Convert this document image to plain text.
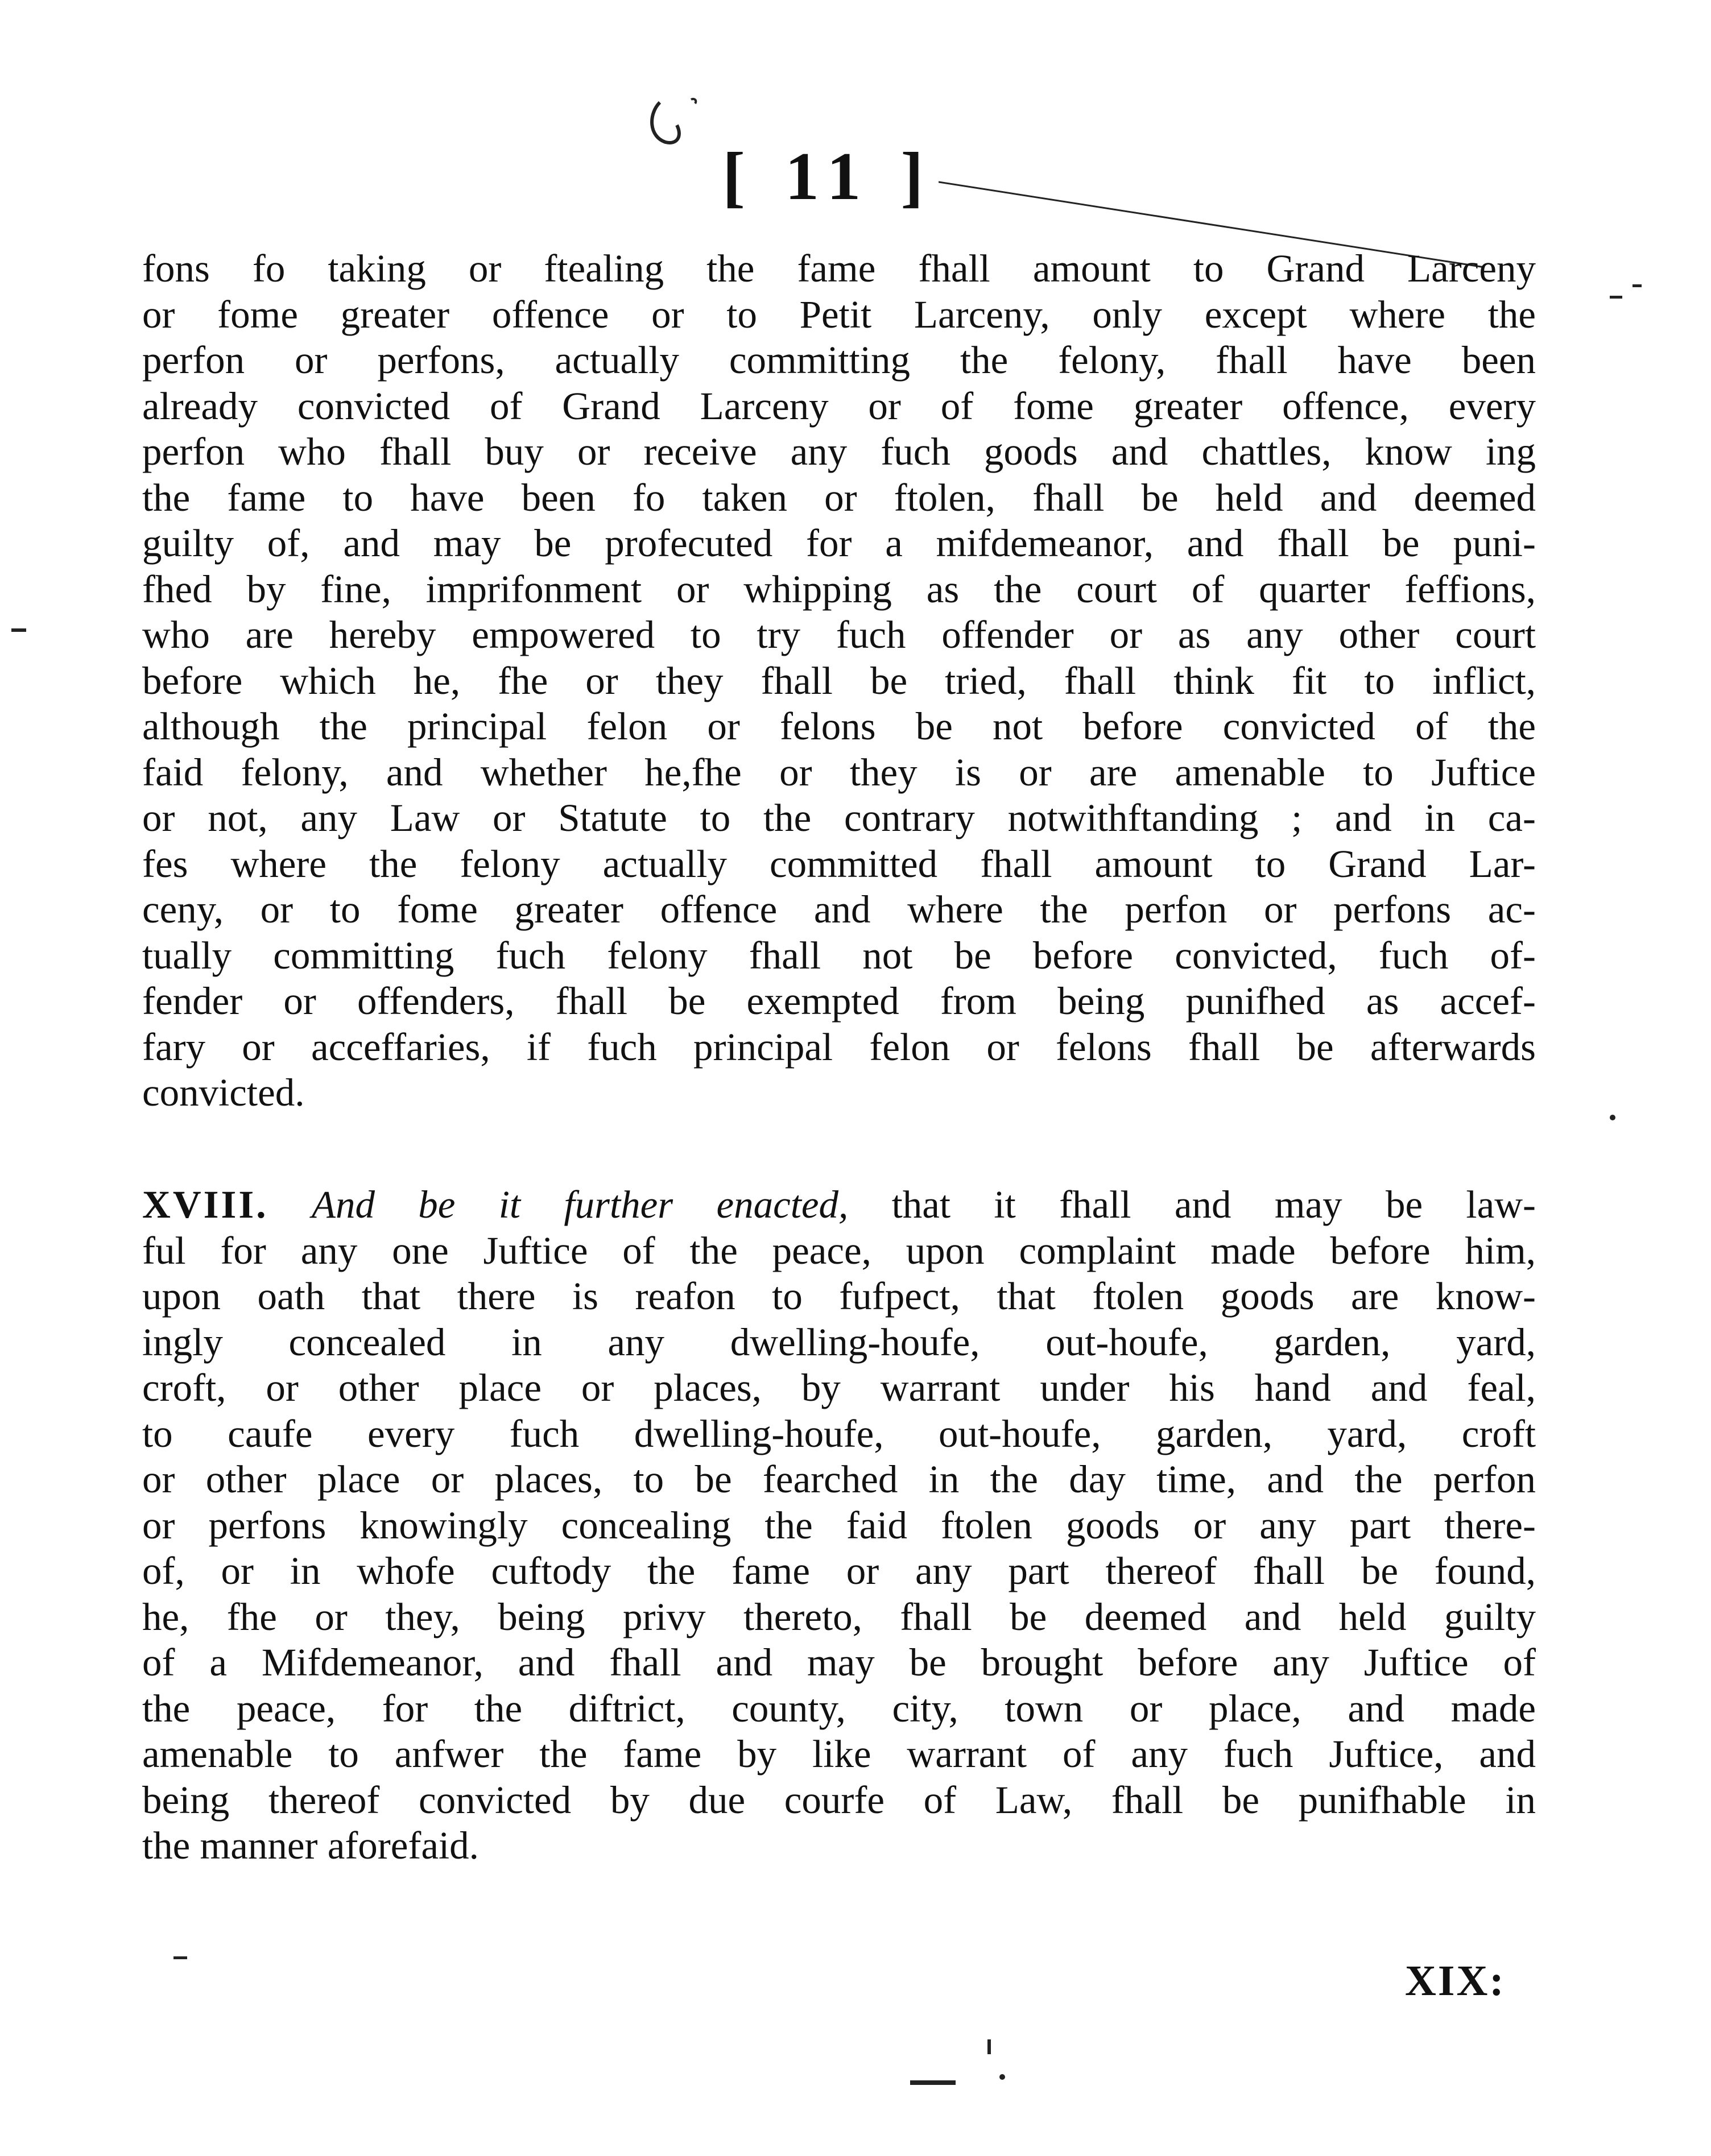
[ 11 ]
fons fo taking or ftealing the fame fhall amount to Grand Larceny
or fome greater offence or to Petit Larceny, only except where the
perfon or perfons, actually committing the felony, fhall have been
already convicted of Grand Larceny or of fome greater offence, every
perfon who fhall buy or receive any fuch goods and chattles, know ing
the fame to have been fo taken or ftolen, fhall be held and deemed
guilty of, and may be profecuted for a mifdemeanor, and fhall be puni-
fhed by fine, imprifonment or whipping as the court of quarter feffions,
who are hereby empowered to try fuch offender or as any other court
before which he, fhe or they fhall be tried, fhall think fit to inflict,
although the principal felon or felons be not before convicted of the
faid felony, and whether he,fhe or they is or are amenable to Juftice
or not, any Law or Statute to the contrary notwithftanding ; and in ca-
fes where the felony actually committed fhall amount to Grand Lar-
ceny, or to fome greater offence and where the perfon or perfons ac-
tually committing fuch felony fhall not be before convicted, fuch of-
fender or offenders, fhall be exempted from being punifhed as accef-
fary or acceffaries, if fuch principal felon or felons fhall be afterwards
convicted.
XVIII. And be it further enacted, that it fhall and may be law-
ful for any one Juftice of the peace, upon complaint made before him,
upon oath that there is reafon to fufpect, that ftolen goods are know-
ingly concealed in any dwelling-houfe, out-houfe, garden, yard,
croft, or other place or places, by warrant under his hand and feal,
to caufe every fuch dwelling-houfe, out-houfe, garden, yard, croft
or other place or places, to be fearched in the day time, and the perfon
or perfons knowingly concealing the faid ftolen goods or any part there-
of, or in whofe cuftody the fame or any part thereof fhall be found,
he, fhe or they, being privy thereto, fhall be deemed and held guilty
of a Mifdemeanor, and fhall and may be brought before any Juftice of
the peace, for the diftrict, county, city, town or place, and made
amenable to anfwer the fame by like warrant of any fuch Juftice, and
being thereof convicted by due courfe of Law, fhall be punifhable in
the manner aforefaid.
XIX:
